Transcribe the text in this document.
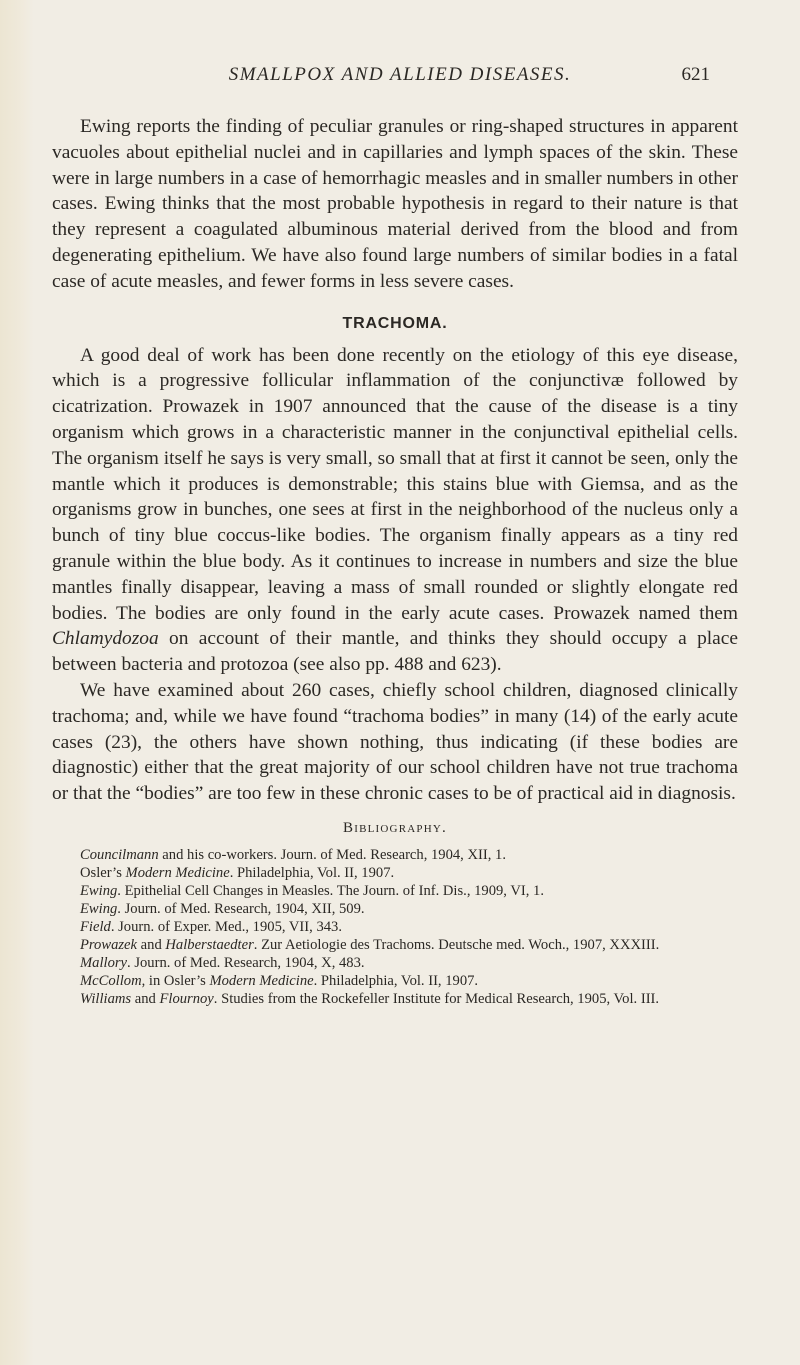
SMALLPOX AND ALLIED DISEASES.	621

Ewing reports the finding of peculiar granules or ring-shaped structures in apparent vacuoles about epithelial nuclei and in capillaries and lymph spaces of the skin. These were in large numbers in a case of hemorrhagic measles and in smaller numbers in other cases. Ewing thinks that the most probable hypothesis in regard to their nature is that they represent a coagulated albuminous material derived from the blood and from degenerating epithelium. We have also found large numbers of similar bodies in a fatal case of acute measles, and fewer forms in less severe cases.

TRACHOMA.

A good deal of work has been done recently on the etiology of this eye disease, which is a progressive follicular inflammation of the conjunctivæ followed by cicatrization. Prowazek in 1907 announced that the cause of the disease is a tiny organism which grows in a characteristic manner in the conjunctival epithelial cells. The organism itself he says is very small, so small that at first it cannot be seen, only the mantle which it produces is demonstrable; this stains blue with Giemsa, and as the organisms grow in bunches, one sees at first in the neighborhood of the nucleus only a bunch of tiny blue coccus-like bodies. The organism finally appears as a tiny red granule within the blue body. As it continues to increase in numbers and size the blue mantles finally disappear, leaving a mass of small rounded or slightly elongate red bodies. The bodies are only found in the early acute cases. Prowazek named them Chlamydozoa on account of their mantle, and thinks they should occupy a place between bacteria and protozoa (see also pp. 488 and 623).

We have examined about 260 cases, chiefly school children, diagnosed clinically trachoma; and, while we have found “trachoma bodies” in many (14) of the early acute cases (23), the others have shown nothing, thus indicating (if these bodies are diagnostic) either that the great majority of our school children have not true trachoma or that the “bodies” are too few in these chronic cases to be of practical aid in diagnosis.

Bibliography.

Councilmann and his co-workers. Journ. of Med. Research, 1904, XII, 1.

Osler’s Modern Medicine. Philadelphia, Vol. II, 1907.

Ewing. Epithelial Cell Changes in Measles. The Journ. of Inf. Dis., 1909, VI, 1.

Ewing. Journ. of Med. Research, 1904, XII, 509.

Field. Journ. of Exper. Med., 1905, VII, 343.

Prowazek and Halberstaedter. Zur Aetiologie des Trachoms. Deutsche med. Woch., 1907, XXXIII.

Mallory. Journ. of Med. Research, 1904, X, 483.

McCollom, in Osler’s Modern Medicine. Philadelphia, Vol. II, 1907.

Williams and Flournoy. Studies from the Rockefeller Institute for Medical Research, 1905, Vol. III.
